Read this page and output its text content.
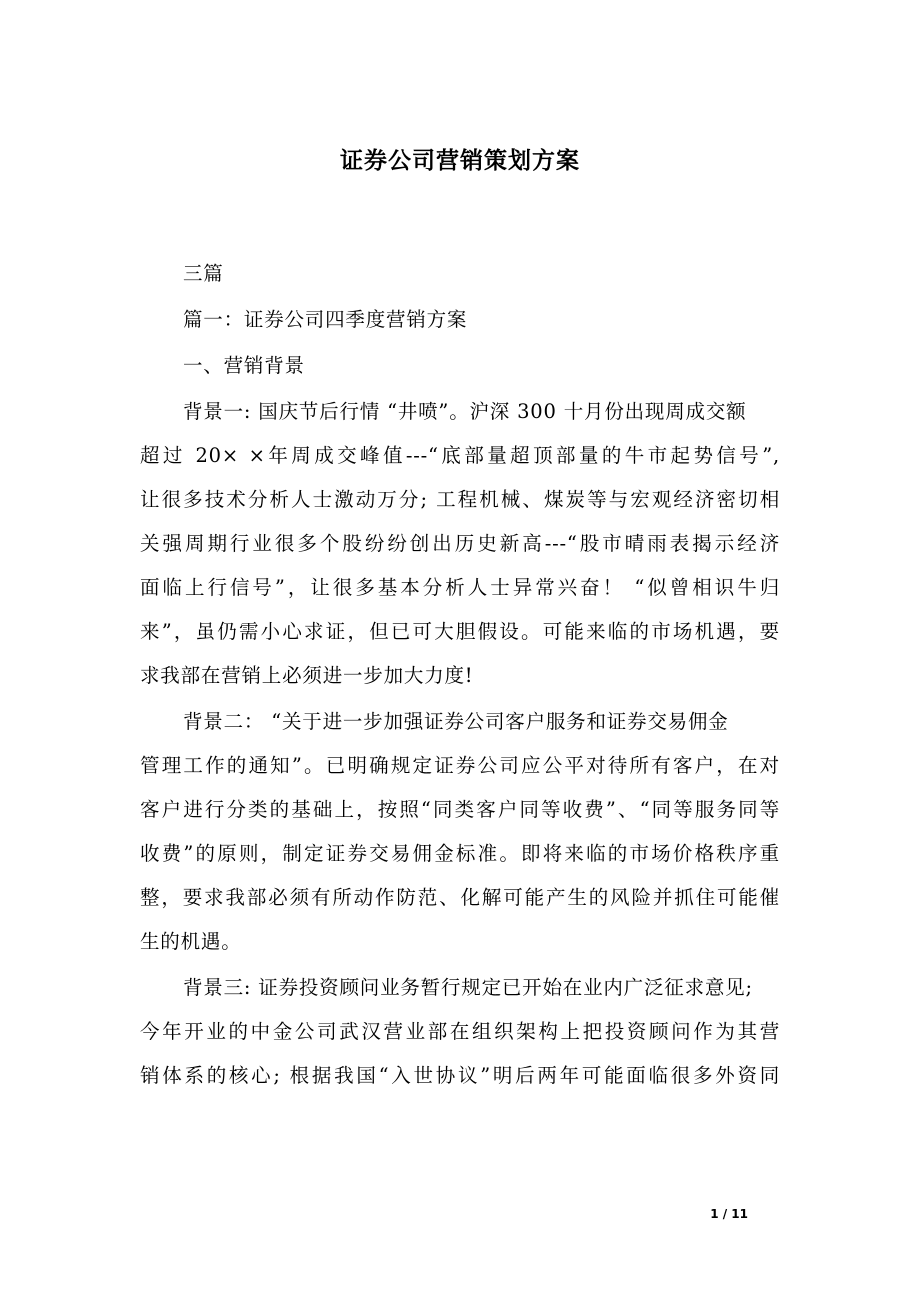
证券公司营销策划方案
三篇
篇一：证券公司四季度营销方案
一、营销背景
背景一: 国庆节后行情 “井喷”。沪深 300 十月份出现周成交额
超过 20× ×年周成交峰值---“底部量超顶部量的牛市起势信号”,
让很多技术分析人士激动万分; 工程机械、煤炭等与宏观经济密切相
关强周期行业很多个股纷纷创出历史新高---“股市晴雨表揭示经济
面临上行信号”，让很多基本分析人士异常兴奋！ “似曾相识牛归
来”，虽仍需小心求证，但已可大胆假设。可能来临的市场机遇，要
求我部在营销上必须进一步加大力度!
背景二： “关于进一步加强证券公司客户服务和证券交易佣金
管理工作的通知”。已明确规定证券公司应公平对待所有客户，在对
客户进行分类的基础上，按照“同类客户同等收费”、“同等服务同等
收费”的原则，制定证券交易佣金标准。即将来临的市场价格秩序重
整，要求我部必须有所动作防范、化解可能产生的风险并抓住可能催
生的机遇。
背景三: 证券投资顾问业务暂行规定已开始在业内广泛征求意见;
今年开业的中金公司武汉营业部在组织架构上把投资顾问作为其营
销体系的核心; 根据我国“入世协议”明后两年可能面临很多外资同
1 / 11
